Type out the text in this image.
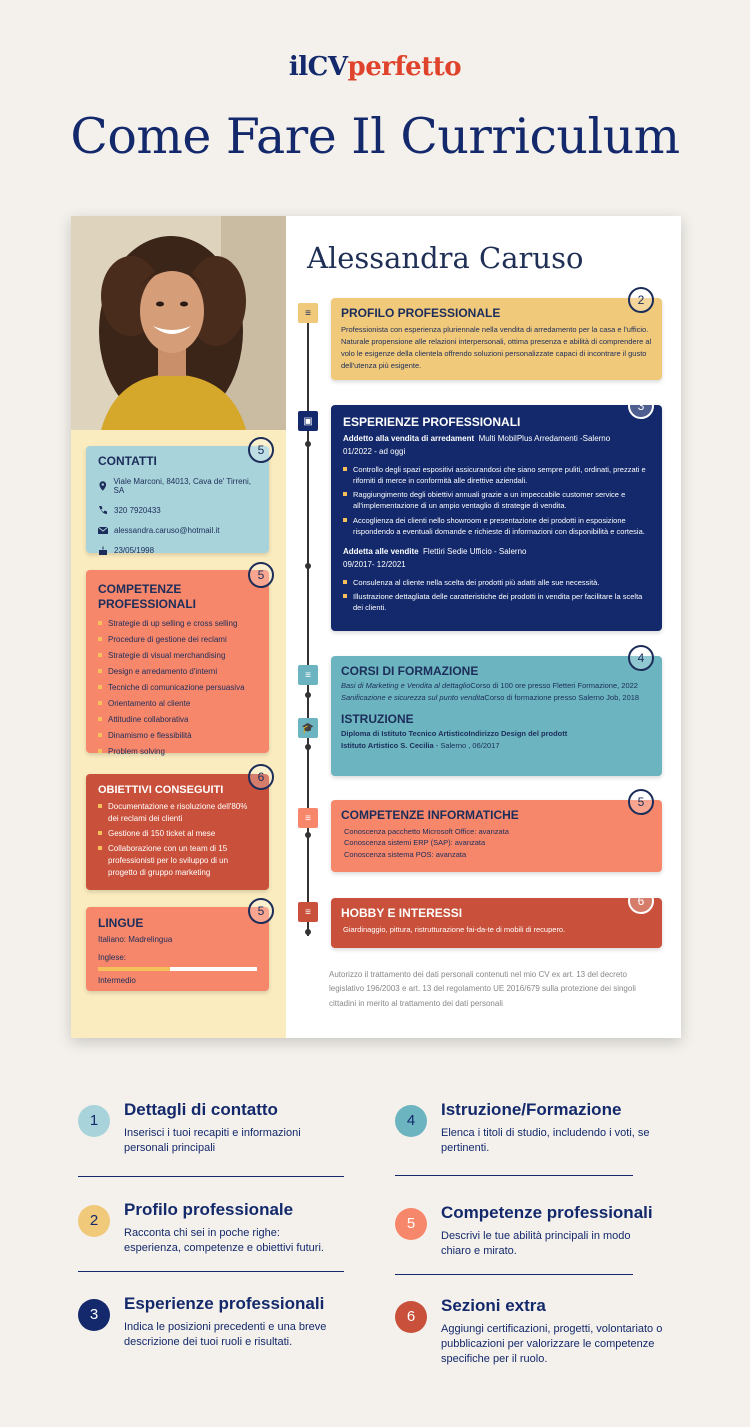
ilCVperfetto
Come Fare Il Curriculum
Alessandra Caruso
CONTATTI
Viale Marconi, 84013, Cava de' Tirreni, SA
320 7920433
alessandra.caruso@hotmail.it
23/05/1998
5
COMPETENZE PROFESSIONALI
Strategie di up selling e cross selling
Procedure di gestione dei reclami
Strategie di visual merchandising
Design e arredamento d'interni
Tecniche di comunicazione persuasiva
Orientamento al cliente
Attitudine collaborativa
Dinamismo e flessibilità
Problem solving
5
OBIETTIVI CONSEGUITI
Documentazione e risoluzione dell'80% dei reclami dei clienti
Gestione di 150 ticket al mese
Collaborazione con un team di 15 professionisti per lo sviluppo di un progetto di gruppo marketing
6
LINGUE
Italiano: Madrelingua
Inglese:
Intermedio
5
≡
▣
≡
🎓
≡
≡
PROFILO PROFESSIONALE

Professionista con esperienza pluriennale nella vendita di arredamento per la casa e l'ufficio. Naturale propensione alle relazioni interpersonali, ottima presenza e abilità di comprendere al volo le esigenze della clientela offrendo soluzioni personalizzate capaci di incontrare il gusto dell'utenza più esigente.

2
ESPERIENZE PROFESSIONALI

Addetto alla vendita di arredament Multi MobilPlus Arredamenti -Salerno

01/2022 - ad oggi

Controllo degli spazi espositivi assicurandosi che siano sempre puliti, ordinati, prezzati e riforniti di merce in conformità alle direttive aziendali.
Raggiungimento degli obiettivi annuali grazie a un impeccabile customer service e all'implementazione di un ampio ventaglio di strategie di vendita.
Accoglienza dei clienti nello showroom e presentazione dei prodotti in esposizione rispondendo a eventuali domande e richieste di informazioni con disponibilità e cortesia.

Addetta alle vendite Flettiri Sedie Ufficio - Salerno

09/2017- 12/2021

Consulenza al cliente nella scelta dei prodotti più adatti alle sue necessità.
Illustrazione dettagliata delle caratteristiche dei prodotti in vendita per facilitare la scelta dei clienti.
3
CORSI DI FORMAZIONE

Basi di Marketing e Vendita al dettaglioCorso di 100 ore presso Fletteri Formazione, 2022

Sanificazione e sicurezza sul punto venditaCorso di formazione presso Salerno Job, 2018

ISTRUZIONE

Diploma di Istituto Tecnico ArtisticoIndirizzo Design del prodott

Istituto Artistico S. Cecilia - Salerno , 06/2017

4
COMPETENZE INFORMATICHE
Conoscenza pacchetto Microsoft Office: avanzata
Conoscenza sistemi ERP (SAP): avanzata
Conoscenza sistema POS: avanzata
5
HOBBY E INTERESSI

Giardinaggio, pittura, ristrutturazione fai-da-te di mobili di recupero.

6
Autorizzo il trattamento dei dati personali contenuti nel mio CV ex art. 13 del decreto legislativo 196/2003 e art. 13 del regolamento UE 2016/679 sulla protezione dei singoli cittadini in merito al trattamento dei dati personali
1
Dettagli di contatto
Inserisci i tuoi recapiti e informazioni personali principali
2
Profilo professionale
Racconta chi sei in poche righe: esperienza, competenze e obiettivi futuri.
3
Esperienze professionali
Indica le posizioni precedenti e una breve descrizione dei tuoi ruoli e risultati.
4
Istruzione/Formazione
Elenca i titoli di studio, includendo i voti, se pertinenti.
5
Competenze professionali
Descrivi le tue abilità principali in modo chiaro e mirato.
6
Sezioni extra
Aggiungi certificazioni, progetti, volontariato o pubblicazioni per valorizzare le competenze specifiche per il ruolo.
